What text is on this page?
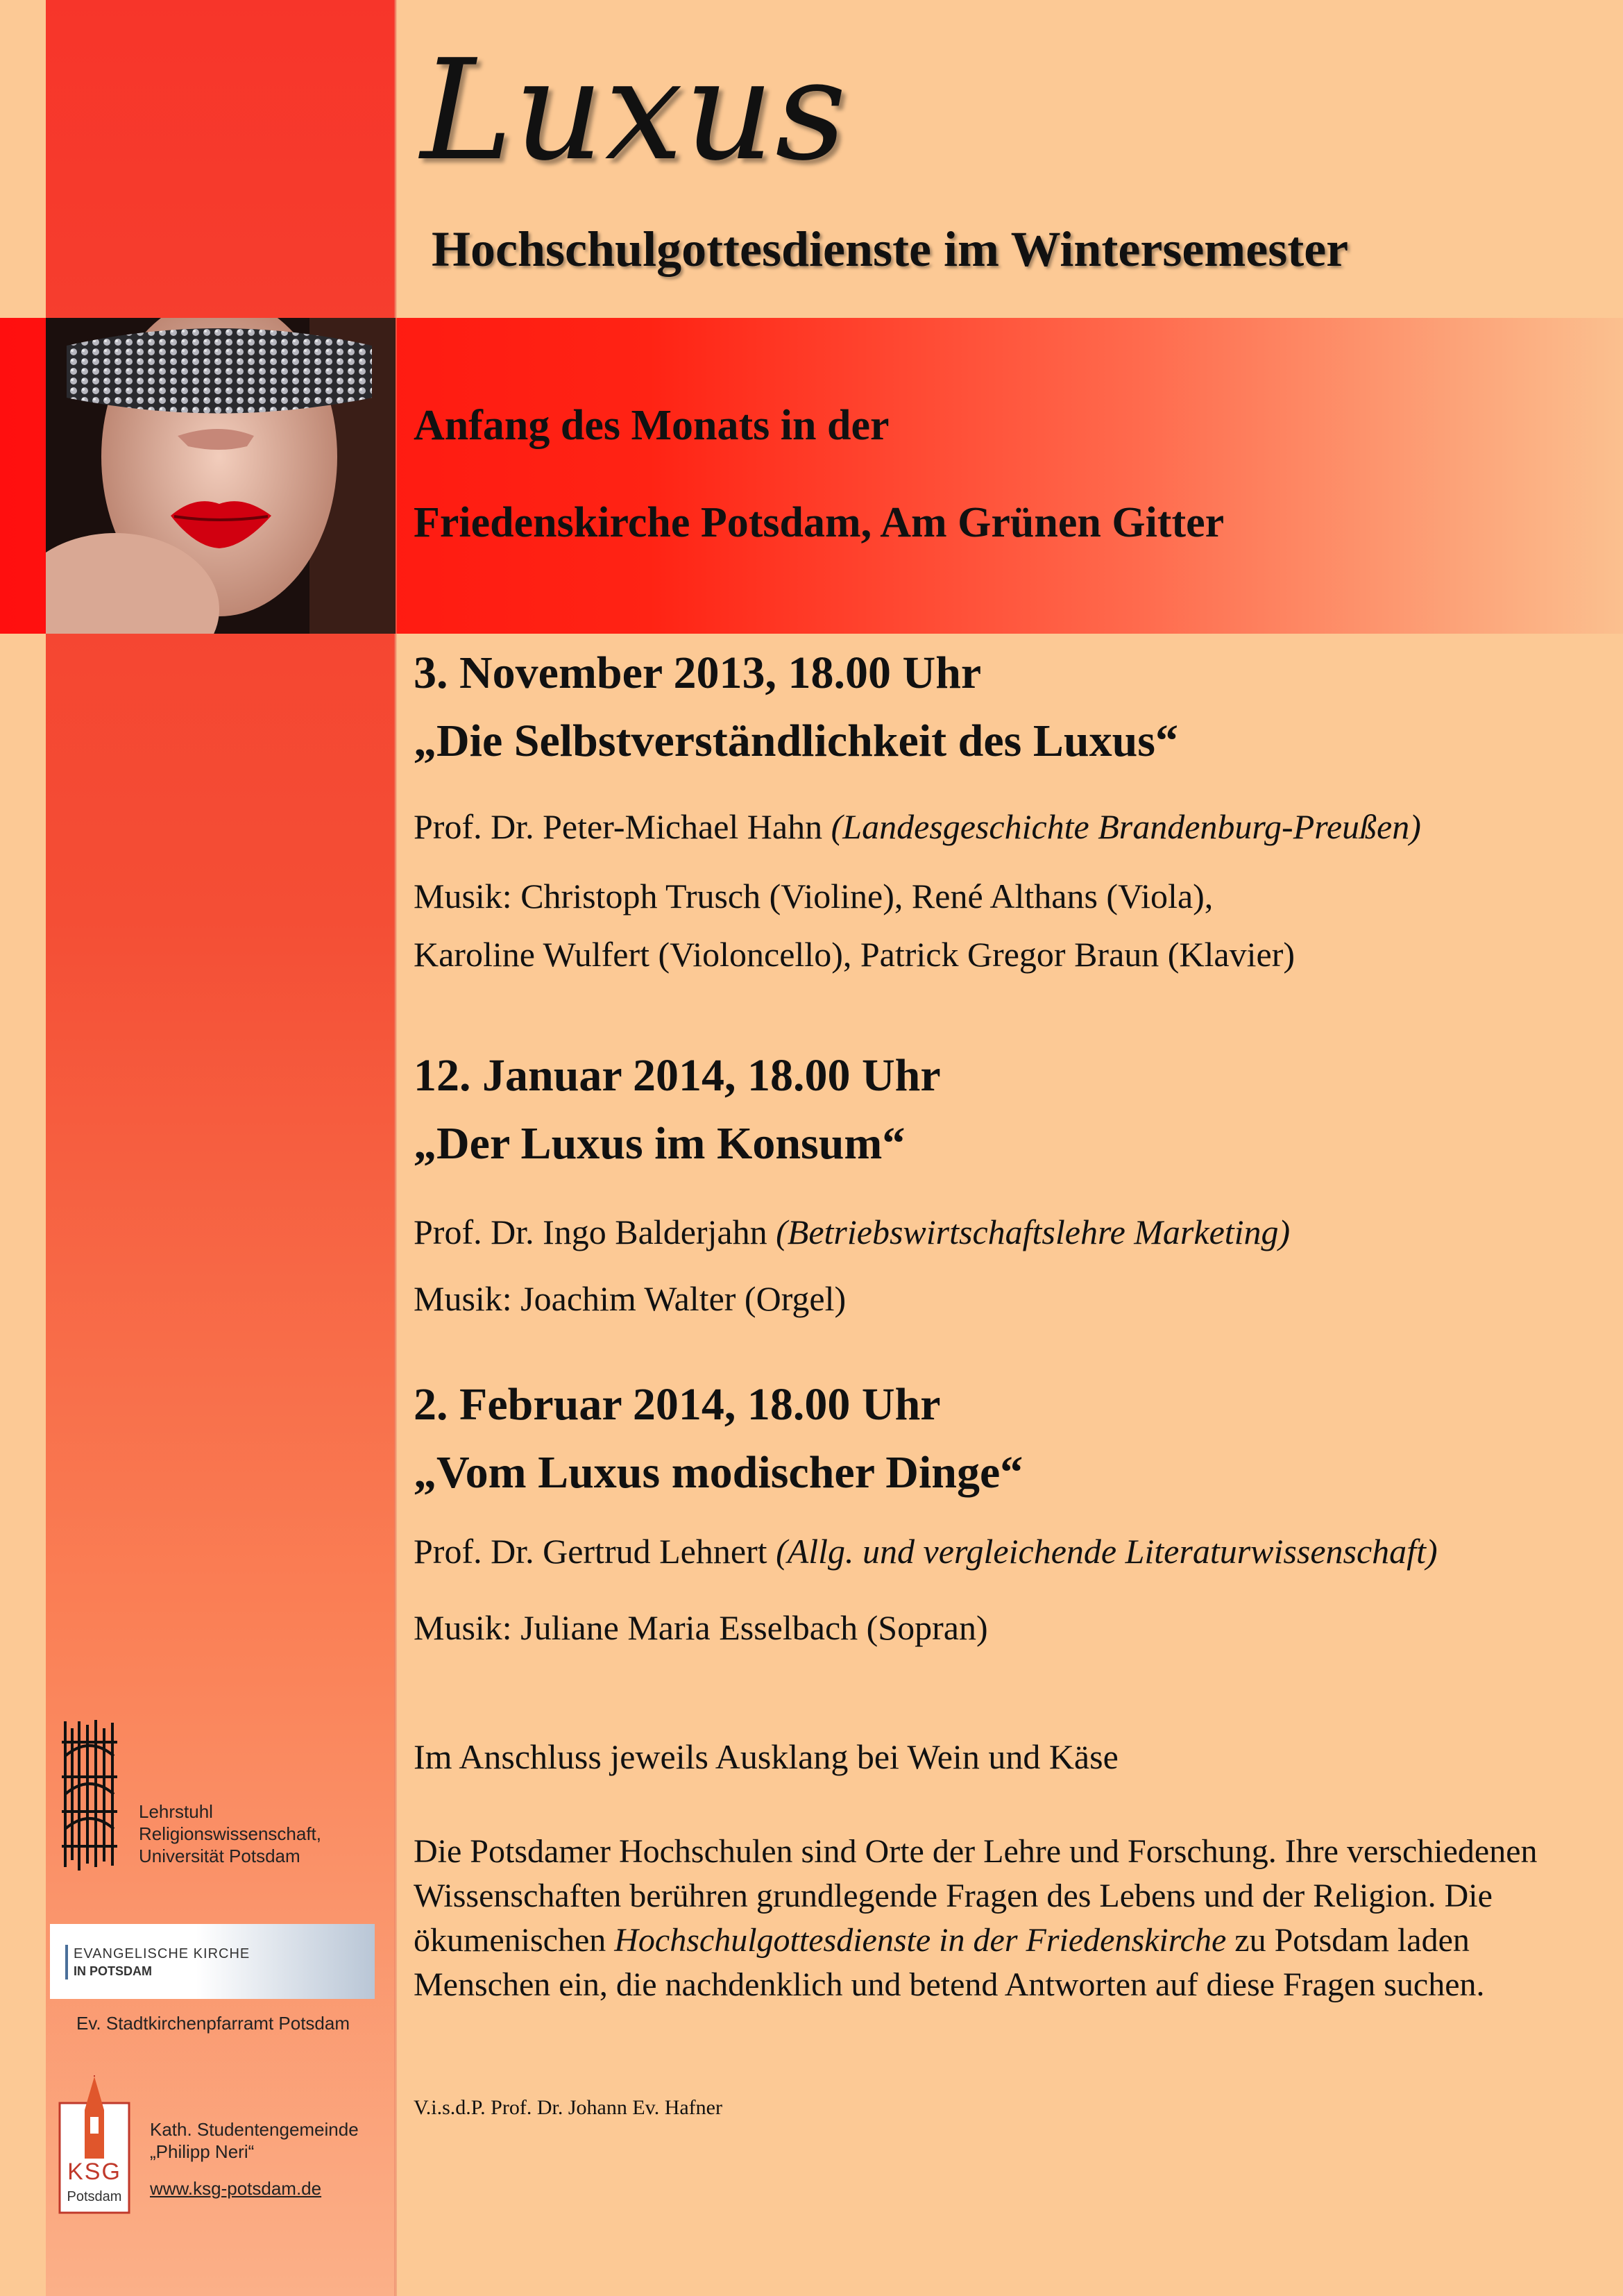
Luxus
Hochschulgottesdienste im Wintersemester
Anfang des Monats in der
Friedenskirche Potsdam, Am Grünen Gitter
3. November 2013, 18.00 Uhr
„Die Selbstverständlichkeit des Luxus“
Prof. Dr. Peter-Michael Hahn (Landesgeschichte Brandenburg-Preußen)
Musik: Christoph Trusch (Violine), René Althans (Viola),
Karoline Wulfert (Violoncello), Patrick Gregor Braun (Klavier)
12. Januar 2014, 18.00 Uhr
„Der Luxus im Konsum“
Prof. Dr. Ingo Balderjahn (Betriebswirtschaftslehre Marketing)
Musik: Joachim Walter (Orgel)
2. Februar 2014, 18.00 Uhr
„Vom Luxus modischer Dinge“
Prof. Dr. Gertrud Lehnert (Allg. und vergleichende Literaturwissenschaft)
Musik: Juliane Maria Esselbach (Sopran)
Im Anschluss jeweils Ausklang bei Wein und Käse
Die Potsdamer Hochschulen sind Orte der Lehre und Forschung. Ihre verschiedenen Wissenschaften berühren grundlegende Fragen des Lebens und der Religion. Die ökumenischen Hochschulgottesdienste in der Friedenskirche zu Potsdam laden Menschen ein, die nachdenklich und betend Antworten auf diese Fragen suchen.
V.i.s.d.P. Prof. Dr. Johann Ev. Hafner
Lehrstuhl
Religionswissenschaft,
Universität Potsdam
EVANGELISCHE KIRCHE
IN POTSDAM
Ev. Stadtkirchenpfarramt Potsdam
KSG
Potsdam
Kath. Studentengemeinde
„Philipp Neri“
www.ksg-potsdam.de
